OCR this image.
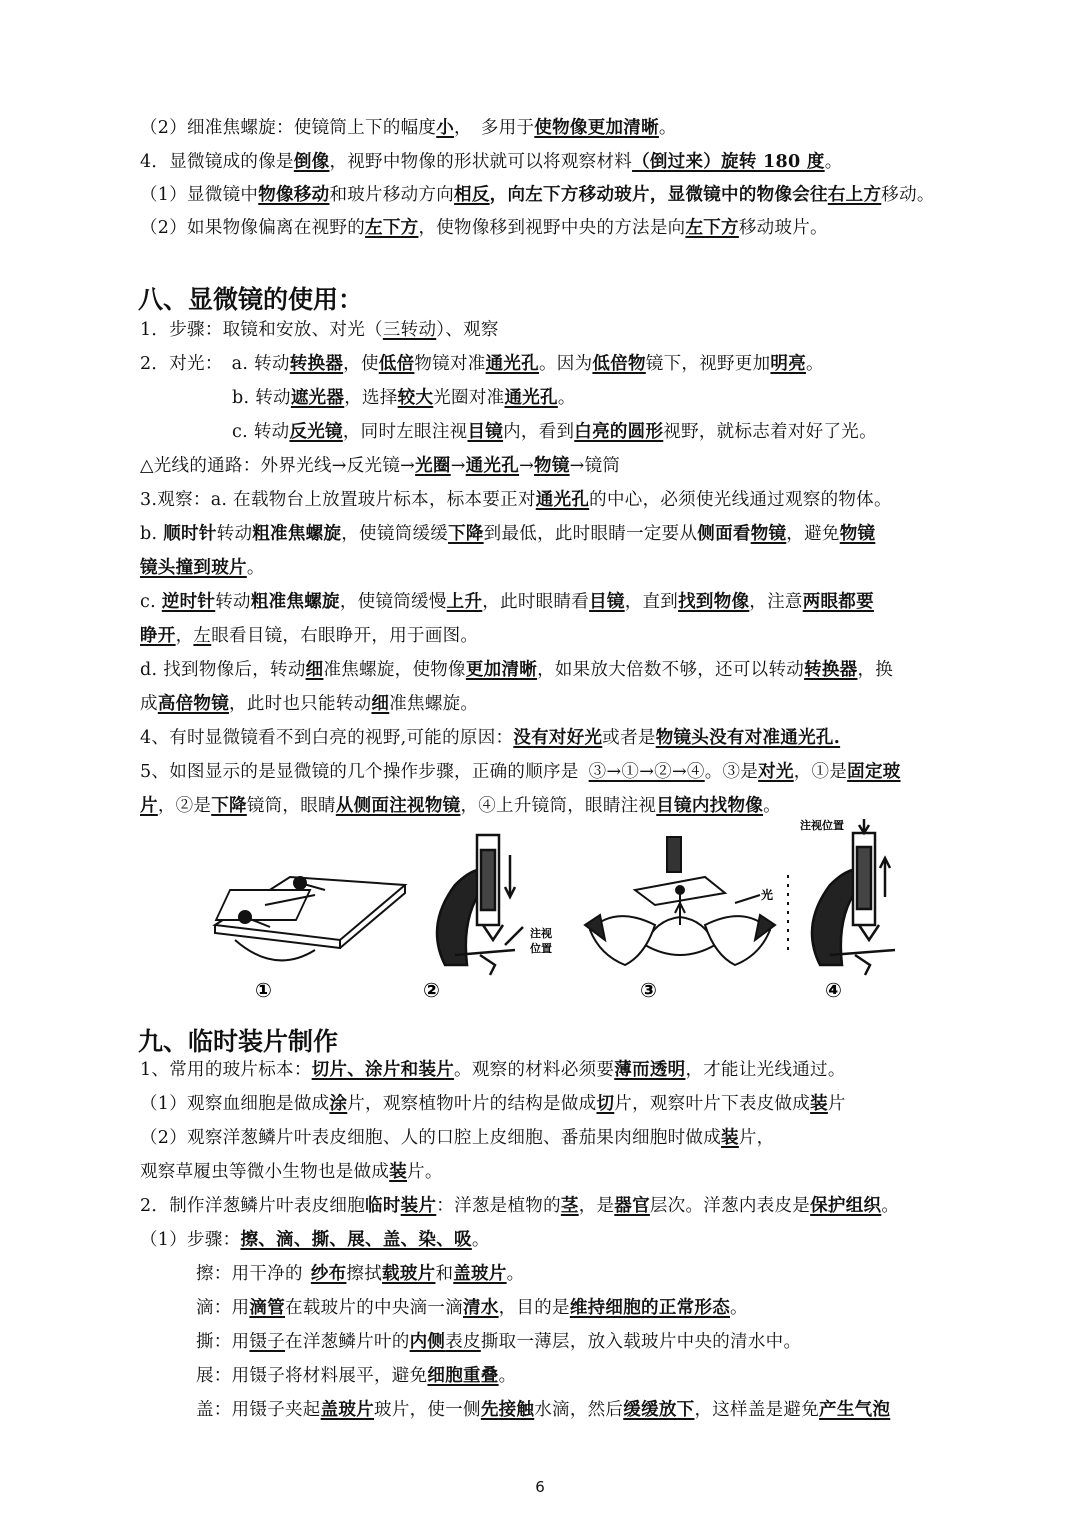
（2）细准焦螺旋：使镜筒上下的幅度小，　多用于使物像更加清晰。
4．显微镜成的像是倒像，视野中物像的形状就可以将观察材料（倒过来）旋转 180 度。
（1）显微镜中物像移动和玻片移动方向相反，向左下方移动玻片，显微镜中的物像会往右上方移动。
（2）如果物像偏离在视野的左下方，使物像移到视野中央的方法是向左下方移动玻片。
八、显微镜的使用：
1．步骤：取镜和安放、对光（三转动）、观察
2．对光：　a. 转动转换器，使低倍物镜对准通光孔。因为低倍物镜下，视野更加明亮。
b. 转动遮光器，选择较大光圈对准通光孔。
c. 转动反光镜，同时左眼注视目镜内，看到白亮的圆形视野，就标志着对好了光。
△光线的通路：外界光线→反光镜→光圈→通光孔→物镜→镜筒
3.观察：a. 在载物台上放置玻片标本，标本要正对通光孔的中心，必须使光线通过观察的物体。
b. 顺时针转动粗准焦螺旋，使镜筒缓缓下降到最低，此时眼睛一定要从侧面看物镜，避免物镜
镜头撞到玻片。
c. 逆时针转动粗准焦螺旋，使镜筒缓慢上升，此时眼睛看目镜，直到找到物像，注意两眼都要
睁开，左眼看目镜，右眼睁开，用于画图。
d. 找到物像后，转动细准焦螺旋，使物像更加清晰，如果放大倍数不够，还可以转动转换器，换
成高倍物镜，此时也只能转动细准焦螺旋。
4、有时显微镜看不到白亮的视野,可能的原因：没有对好光或者是物镜头没有对准通光孔.
5、如图显示的是显微镜的几个操作步骤，正确的顺序是 ③→①→②→④。③是对光，①是固定玻
片，②是下降镜筒，眼睛从侧面注视物镜，④上升镜筒，眼睛注视目镜内找物像。
①
注视
位置
②
光
③
注视位置
④
九、临时装片制作
1、常用的玻片标本：切片、涂片和装片。观察的材料必须要薄而透明，才能让光线通过。
（1）观察血细胞是做成涂片，观察植物叶片的结构是做成切片，观察叶片下表皮做成装片
（2）观察洋葱鳞片叶表皮细胞、人的口腔上皮细胞、番茄果肉细胞时做成装片，
观察草履虫等微小生物也是做成装片。
2．制作洋葱鳞片叶表皮细胞临时装片：洋葱是植物的茎，是器官层次。洋葱内表皮是保护组织。
（1）步骤：擦、滴、撕、展、盖、染、吸。
擦：用干净的 纱布擦拭载玻片和盖玻片。
滴：用滴管在载玻片的中央滴一滴清水，目的是维持细胞的正常形态。
撕：用镊子在洋葱鳞片叶的内侧表皮撕取一薄层，放入载玻片中央的清水中。
展：用镊子将材料展平，避免细胞重叠。
盖：用镊子夹起盖玻片玻片，使一侧先接触水滴，然后缓缓放下，这样盖是避免产生气泡
6
